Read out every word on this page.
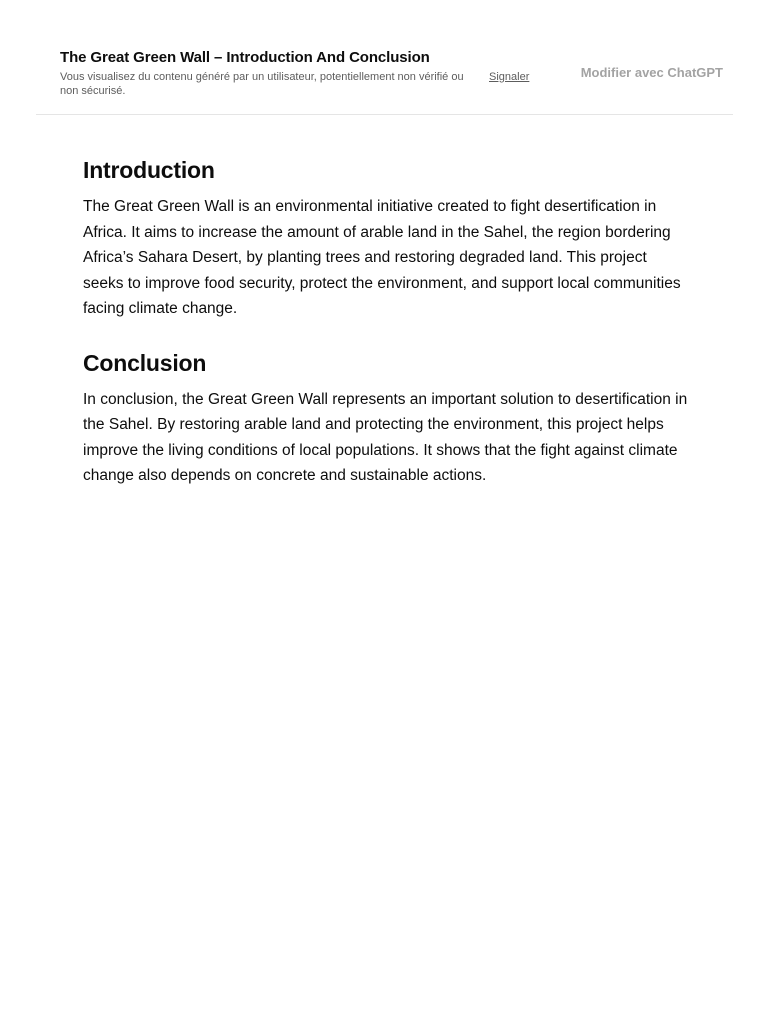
The Great Green Wall – Introduction And Conclusion
Vous visualisez du contenu généré par un utilisateur, potentiellement non vérifié ou non sécurisé.
Signaler	Modifier avec ChatGPT
Introduction

The Great Green Wall is an environmental initiative created to fight desertification in Africa. It aims to increase the amount of arable land in the Sahel, the region bordering Africa’s Sahara Desert, by planting trees and restoring degraded land. This project seeks to improve food security, protect the environment, and support local communities facing climate change.

Conclusion

In conclusion, the Great Green Wall represents an important solution to desertification in the Sahel. By restoring arable land and protecting the environment, this project helps improve the living conditions of local populations. It shows that the fight against climate change also depends on concrete and sustainable actions.
